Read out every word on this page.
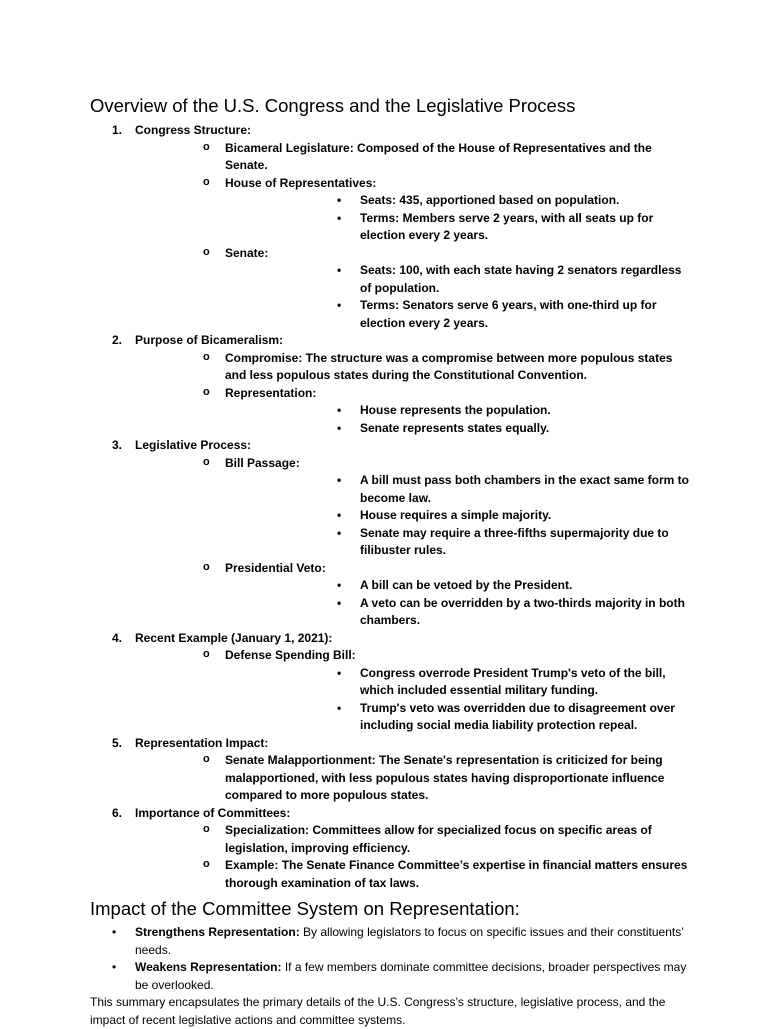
Overview of the U.S. Congress and the Legislative Process
1. Congress Structure:
o Bicameral Legislature: Composed of the House of Representatives and the Senate.
o House of Representatives:
• Seats: 435, apportioned based on population.
• Terms: Members serve 2 years, with all seats up for election every 2 years.
o Senate:
• Seats: 100, with each state having 2 senators regardless of population.
• Terms: Senators serve 6 years, with one-third up for election every 2 years.
2. Purpose of Bicameralism:
o Compromise: The structure was a compromise between more populous states and less populous states during the Constitutional Convention.
o Representation:
• House represents the population.
• Senate represents states equally.
3. Legislative Process:
o Bill Passage:
• A bill must pass both chambers in the exact same form to become law.
• House requires a simple majority.
• Senate may require a three-fifths supermajority due to filibuster rules.
o Presidential Veto:
• A bill can be vetoed by the President.
• A veto can be overridden by a two-thirds majority in both chambers.
4. Recent Example (January 1, 2021):
o Defense Spending Bill:
• Congress overrode President Trump's veto of the bill, which included essential military funding.
• Trump's veto was overridden due to disagreement over including social media liability protection repeal.
5. Representation Impact:
o Senate Malapportionment: The Senate's representation is criticized for being malapportioned, with less populous states having disproportionate influence compared to more populous states.
6. Importance of Committees:
o Specialization: Committees allow for specialized focus on specific areas of legislation, improving efficiency.
o Example: The Senate Finance Committee’s expertise in financial matters ensures thorough examination of tax laws.
Impact of the Committee System on Representation:
• Strengthens Representation: By allowing legislators to focus on specific issues and their constituents’ needs.
• Weakens Representation: If a few members dominate committee decisions, broader perspectives may be overlooked.

This summary encapsulates the primary details of the U.S. Congress’s structure, legislative process, and the impact of recent legislative actions and committee systems.
